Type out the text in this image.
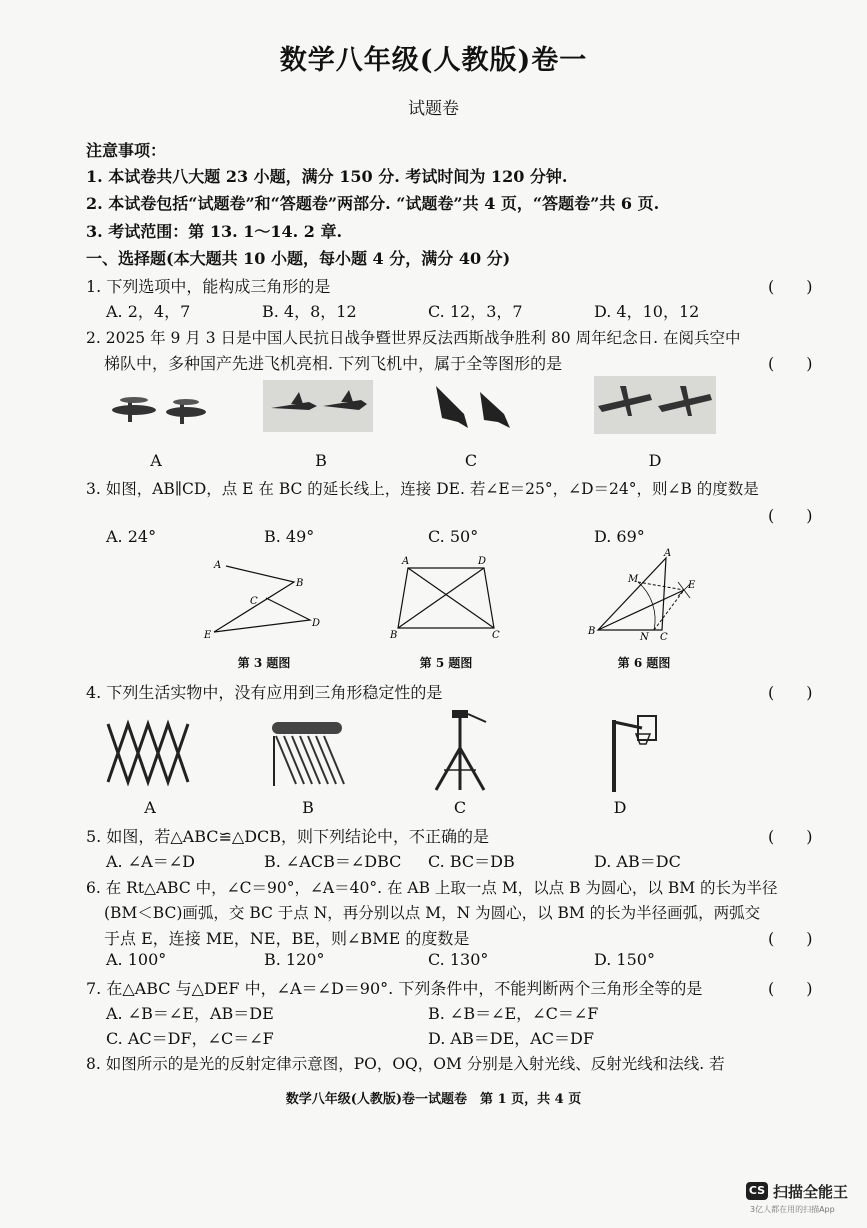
数学八年级(人教版)卷一
试题卷
注意事项：
1. 本试卷共八大题 23 小题，满分 150 分. 考试时间为 120 分钟.
2. 本试卷包括“试题卷”和“答题卷”两部分. “试题卷”共 4 页，“答题卷”共 6 页.
3. 考试范围：第 13. 1～14. 2 章.
一、选择题(本大题共 10 小题，每小题 4 分，满分 40 分)
1. 下列选项中，能构成三角形的是	(　　)
A. 2，4，7	B. 4，8，12	C. 12，3，7	D. 4，10，12
2. 2025 年 9 月 3 日是中国人民抗日战争暨世界反法西斯战争胜利 80 周年纪念日. 在阅兵空中
梯队中，多种国产先进飞机亮相. 下列飞机中，属于全等图形的是	(　　)
A	B	C	D
3. 如图，AB∥CD，点 E 在 BC 的延长线上，连接 DE. 若∠E＝25°，∠D＝24°，则∠B 的度数是
(　　)
A. 24°	B. 49°	C. 50°	D. 69°
A
B
C
E
D
A	D
B	C
A
M
E
B
N C
第 3 题图	第 5 题图	第 6 题图
4. 下列生活实物中，没有应用到三角形稳定性的是	(　　)
A	B	C	D
5. 如图，若△ABC≌△DCB，则下列结论中，不正确的是	(　　)
A. ∠A＝∠D	B. ∠ACB＝∠DBC C. BC＝DB	D. AB＝DC
6. 在 Rt△ABC 中，∠C＝90°，∠A＝40°. 在 AB 上取一点 M，以点 B 为圆心，以 BM 的长为半径
(BM＜BC)画弧，交 BC 于点 N，再分别以点 M，N 为圆心，以 BM 的长为半径画弧，两弧交
于点 E，连接 ME，NE，BE，则∠BME 的度数是	(　　)
A. 100°	B. 120°	C. 130°	D. 150°
7. 在△ABC 与△DEF 中，∠A＝∠D＝90°. 下列条件中，不能判断两个三角形全等的是	(　　)
A. ∠B＝∠E，AB＝DE	B. ∠B＝∠E，∠C＝∠F
C. AC＝DF，∠C＝∠F	D. AB＝DE，AC＝DF
8. 如图所示的是光的反射定律示意图，PO，OQ，OM 分别是入射光线、反射光线和法线. 若
数学八年级(人教版)卷一试题卷　第 1 页，共 4 页
CS 扫描全能王
3亿人都在用的扫描App
